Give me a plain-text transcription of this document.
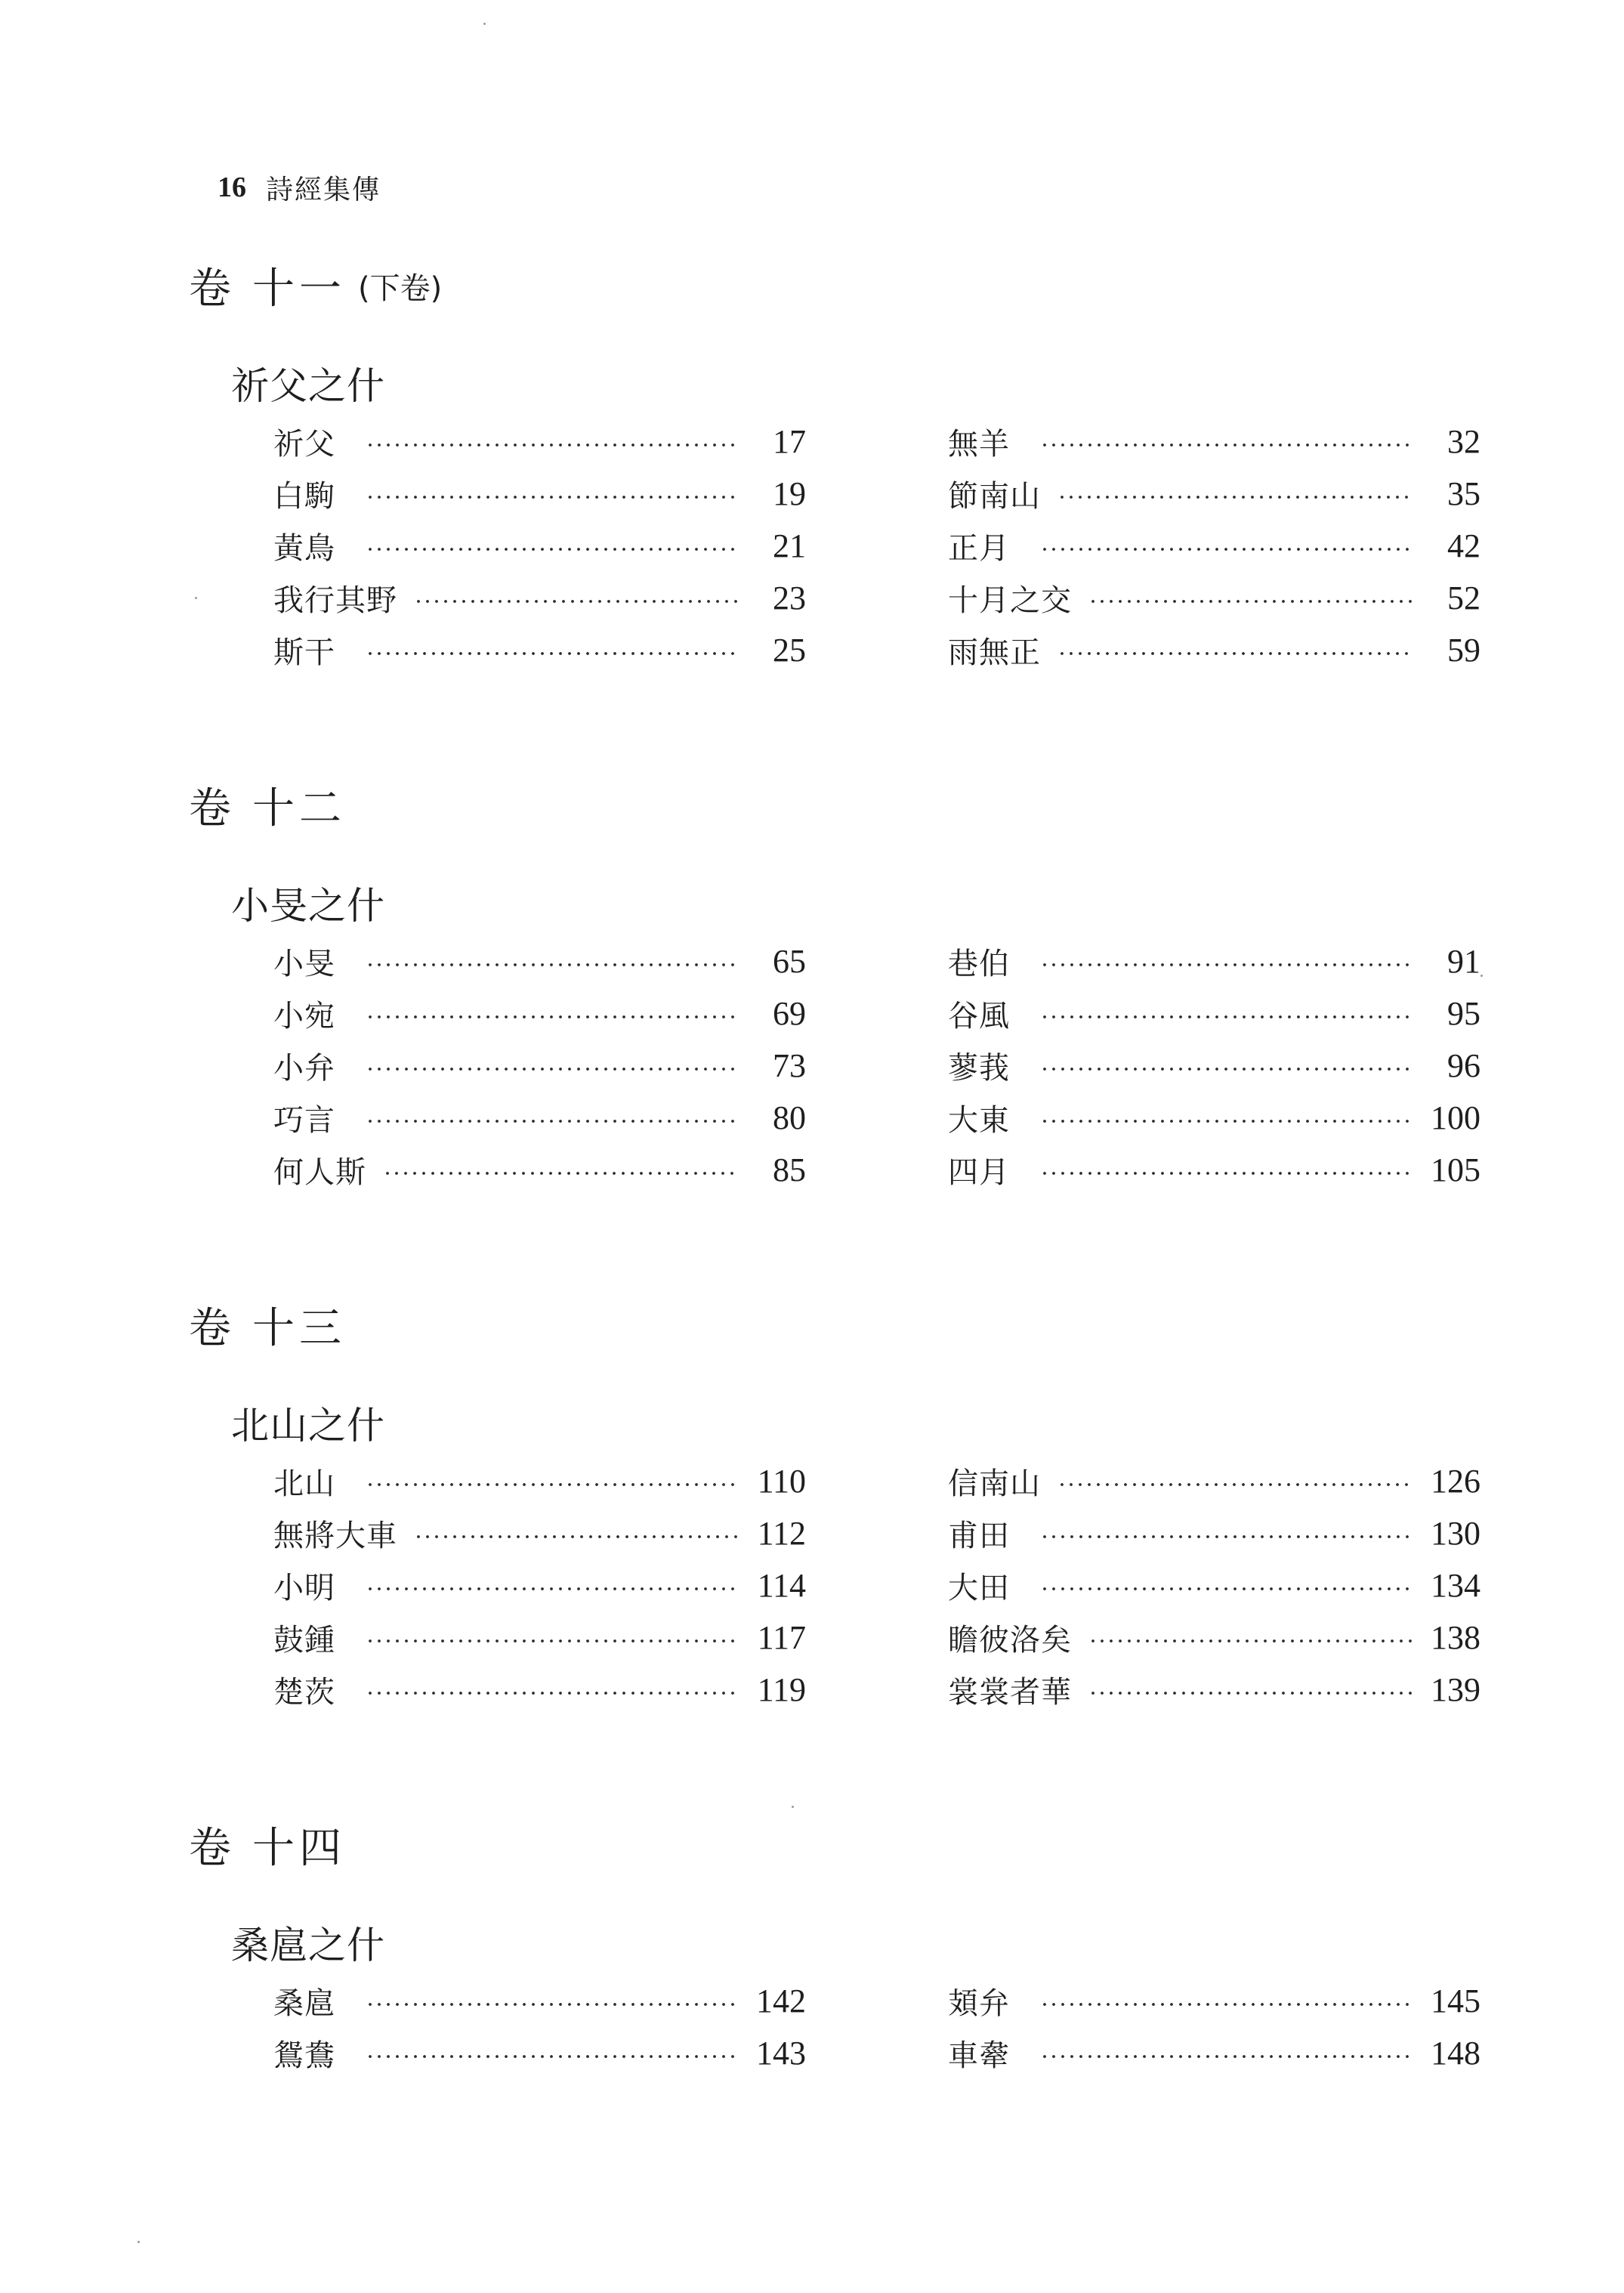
16 詩經集傳
卷 十一 (下卷)
祈父之什
祈父	17
白駒	19
黃鳥	21
我行其野	23
斯干	25
無羊	32
節南山	35
正月	42
十月之交	52
雨無正	59
卷 十二
小旻之什
小旻	65
小宛	69
小弁	73
巧言	80
何人斯	85
巷伯	91
谷風	95
蓼莪	96
大東	100
四月	105
卷 十三
北山之什
北山	110
無將大車	112
小明	114
鼓鍾	117
楚茨	119
信南山	126
甫田	130
大田	134
瞻彼洛矣	138
裳裳者華	139
卷 十四
桑扈之什
桑扈	142
鴛鴦	143
頍弁	145
車舝	148
